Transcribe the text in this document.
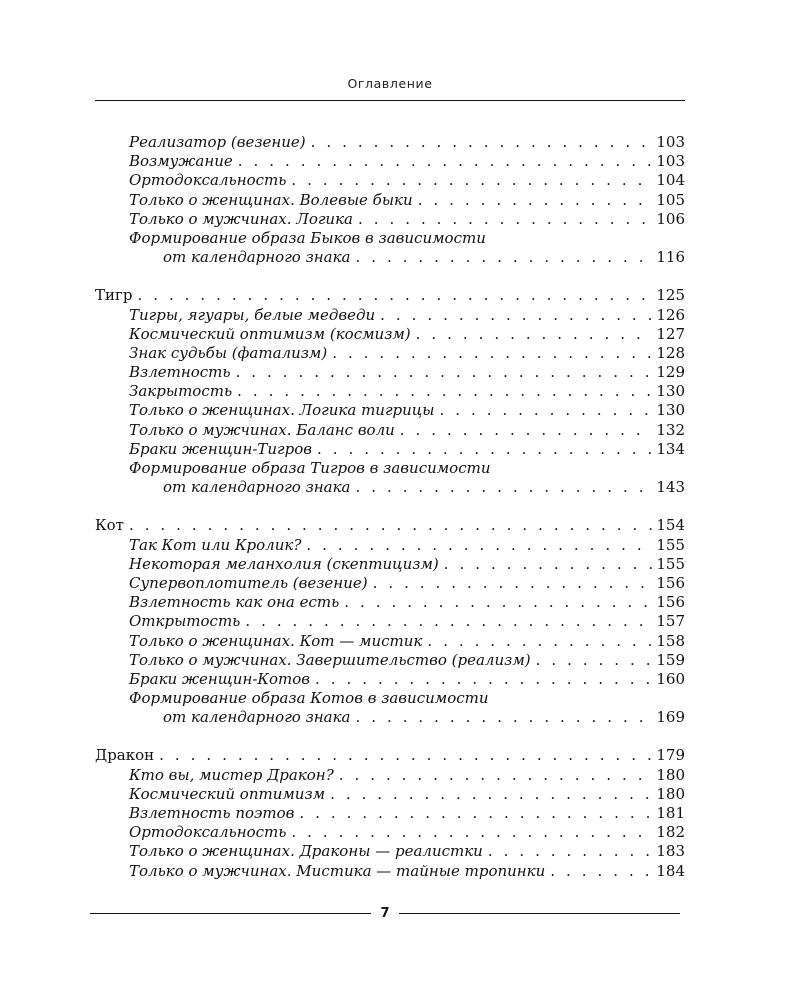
Оглавление
Реализатор (везение) . . .	103
Возмужание . . .	103
Ортодоксальность . . .	104
Только о женщинах. Волевые быки . . .	105
Только о мужчинах. Логика . . .	106
Формирование образа Быков в зависимости
от календарного знака . . .	116
Тигр . . .	125
Тигры, ягуары, белые медведи . . .	126
Космический оптимизм (космизм) . . .	127
Знак судьбы (фатализм) . . .	128
Взлетность . . .	129
Закрытость . . .	130
Только о женщинах. Логика тигрицы . . .	130
Только о мужчинах. Баланс воли . . .	132
Браки женщин-Тигров . . .	134
Формирование образа Тигров в зависимости
от календарного знака . . .	143
Кот . . .	154
Так Кот или Кролик? . . .	155
Некоторая меланхолия (скептицизм) . . .	155
Супервоплотитель (везение) . . .	156
Взлетность как она есть . . .	156
Открытость . . .	157
Только о женщинах. Кот — мистик . . .	158
Только о мужчинах. Завершительство (реализм) . . .	159
Браки женщин-Котов . . .	160
Формирование образа Котов в зависимости
от календарного знака . . .	169
Дракон . . .	179
Кто вы, мистер Дракон? . . .	180
Космический оптимизм . . .	180
Взлетность поэтов . . .	181
Ортодоксальность . . .	182
Только о женщинах. Драконы — реалистки . . .	183
Только о мужчинах. Мистика — тайные тропинки . . .	184
7
